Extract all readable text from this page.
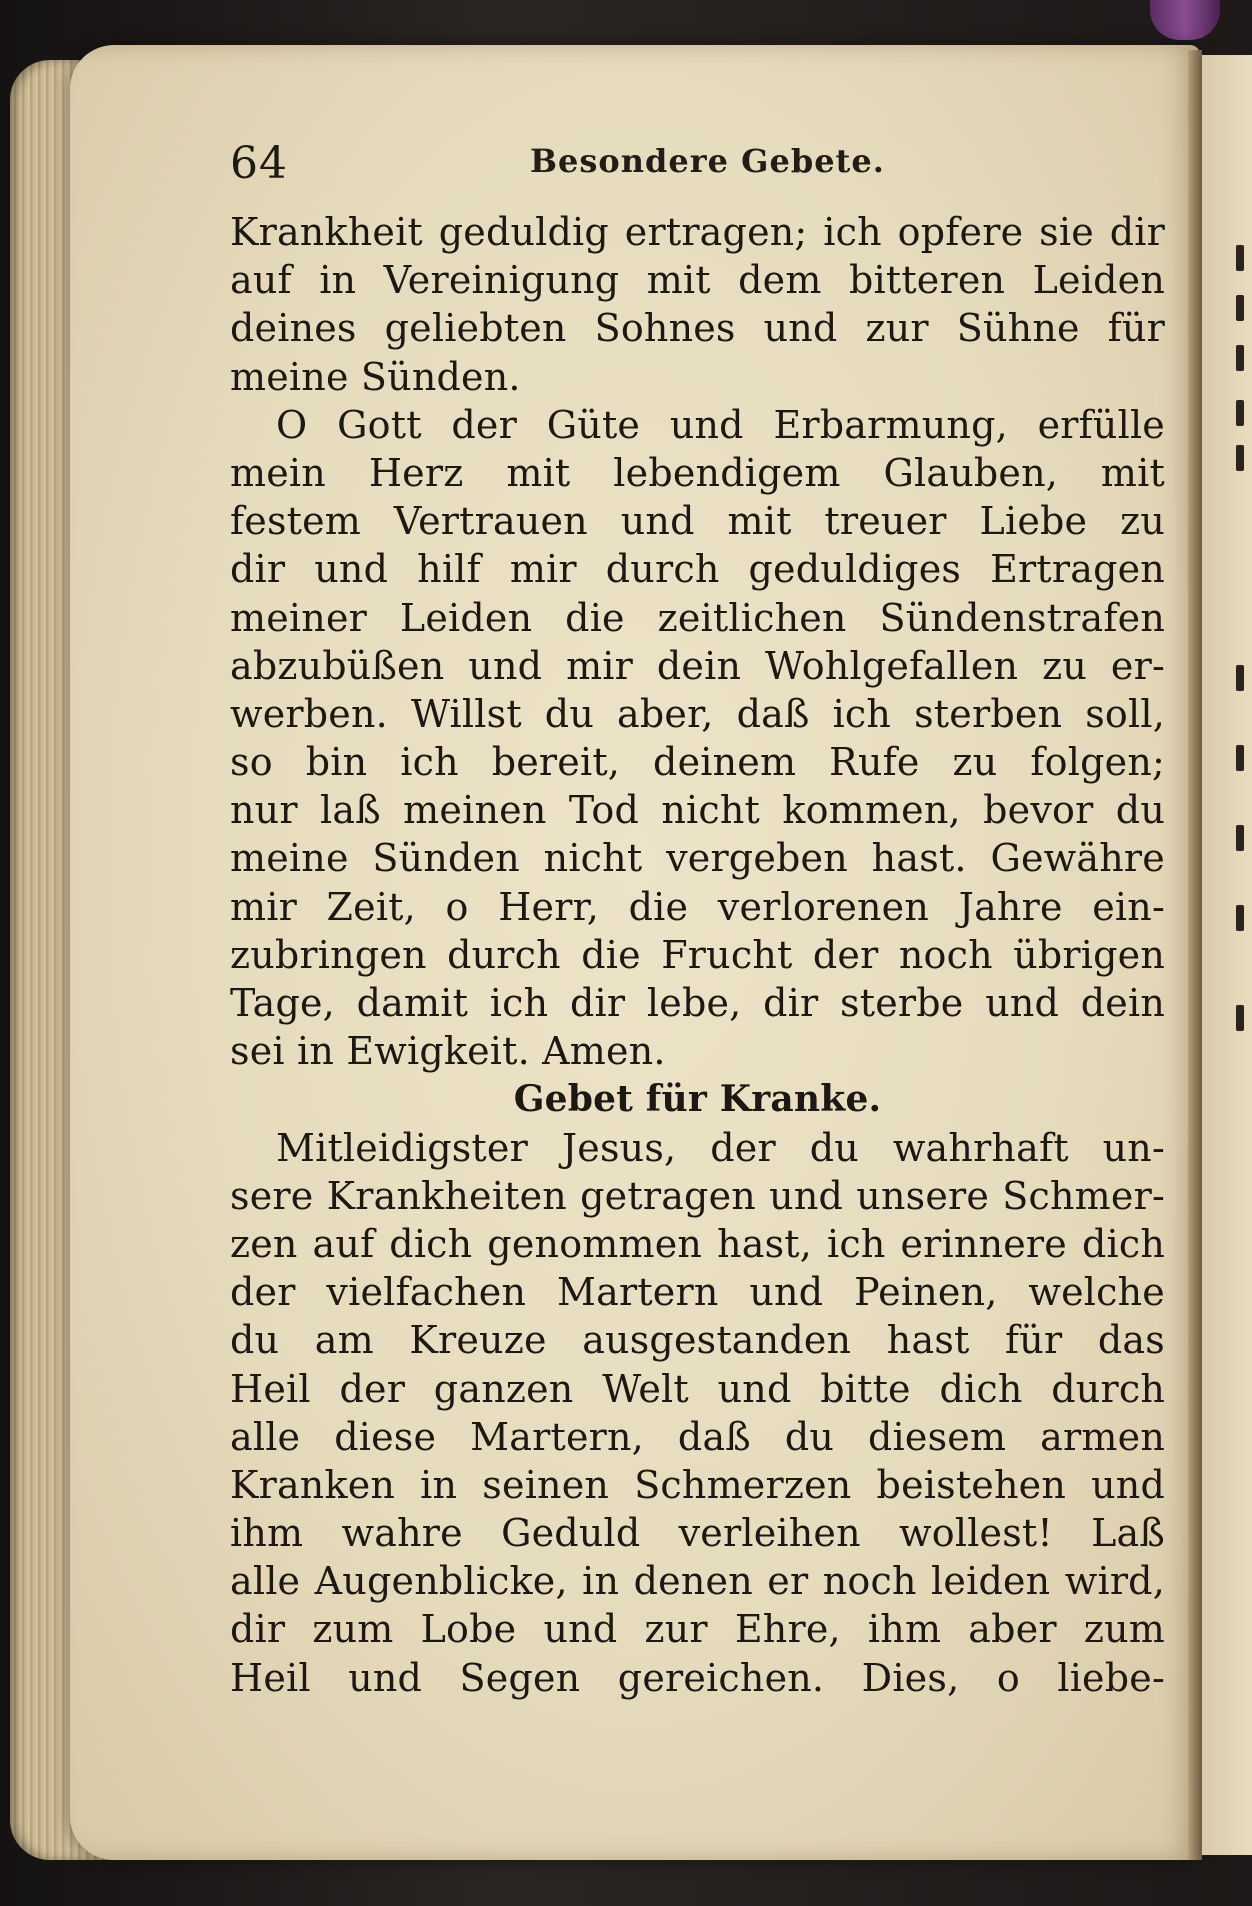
64	Besondere Gebete.
Krankheit geduldig ertragen; ich opfere sie dir
auf in Vereinigung mit dem bitteren Leiden
deines geliebten Sohnes und zur Sühne für
meine Sünden.
O Gott der Güte und Erbarmung, erfülle
mein Herz mit lebendigem Glauben, mit
festem Vertrauen und mit treuer Liebe zu
dir und hilf mir durch geduldiges Ertragen
meiner Leiden die zeitlichen Sündenstrafen
abzubüßen und mir dein Wohlgefallen zu er-
werben. Willst du aber, daß ich sterben soll,
so bin ich bereit, deinem Rufe zu folgen;
nur laß meinen Tod nicht kommen, bevor du
meine Sünden nicht vergeben hast. Gewähre
mir Zeit, o Herr, die verlorenen Jahre ein-
zubringen durch die Frucht der noch übrigen
Tage, damit ich dir lebe, dir sterbe und dein
sei in Ewigkeit. Amen.
Gebet für Kranke.
Mitleidigster Jesus, der du wahrhaft un-
sere Krankheiten getragen und unsere Schmer-
zen auf dich genommen hast, ich erinnere dich
der vielfachen Martern und Peinen, welche
du am Kreuze ausgestanden hast für das
Heil der ganzen Welt und bitte dich durch
alle diese Martern, daß du diesem armen
Kranken in seinen Schmerzen beistehen und
ihm wahre Geduld verleihen wollest! Laß
alle Augenblicke, in denen er noch leiden wird,
dir zum Lobe und zur Ehre, ihm aber zum
Heil und Segen gereichen. Dies, o liebe-
